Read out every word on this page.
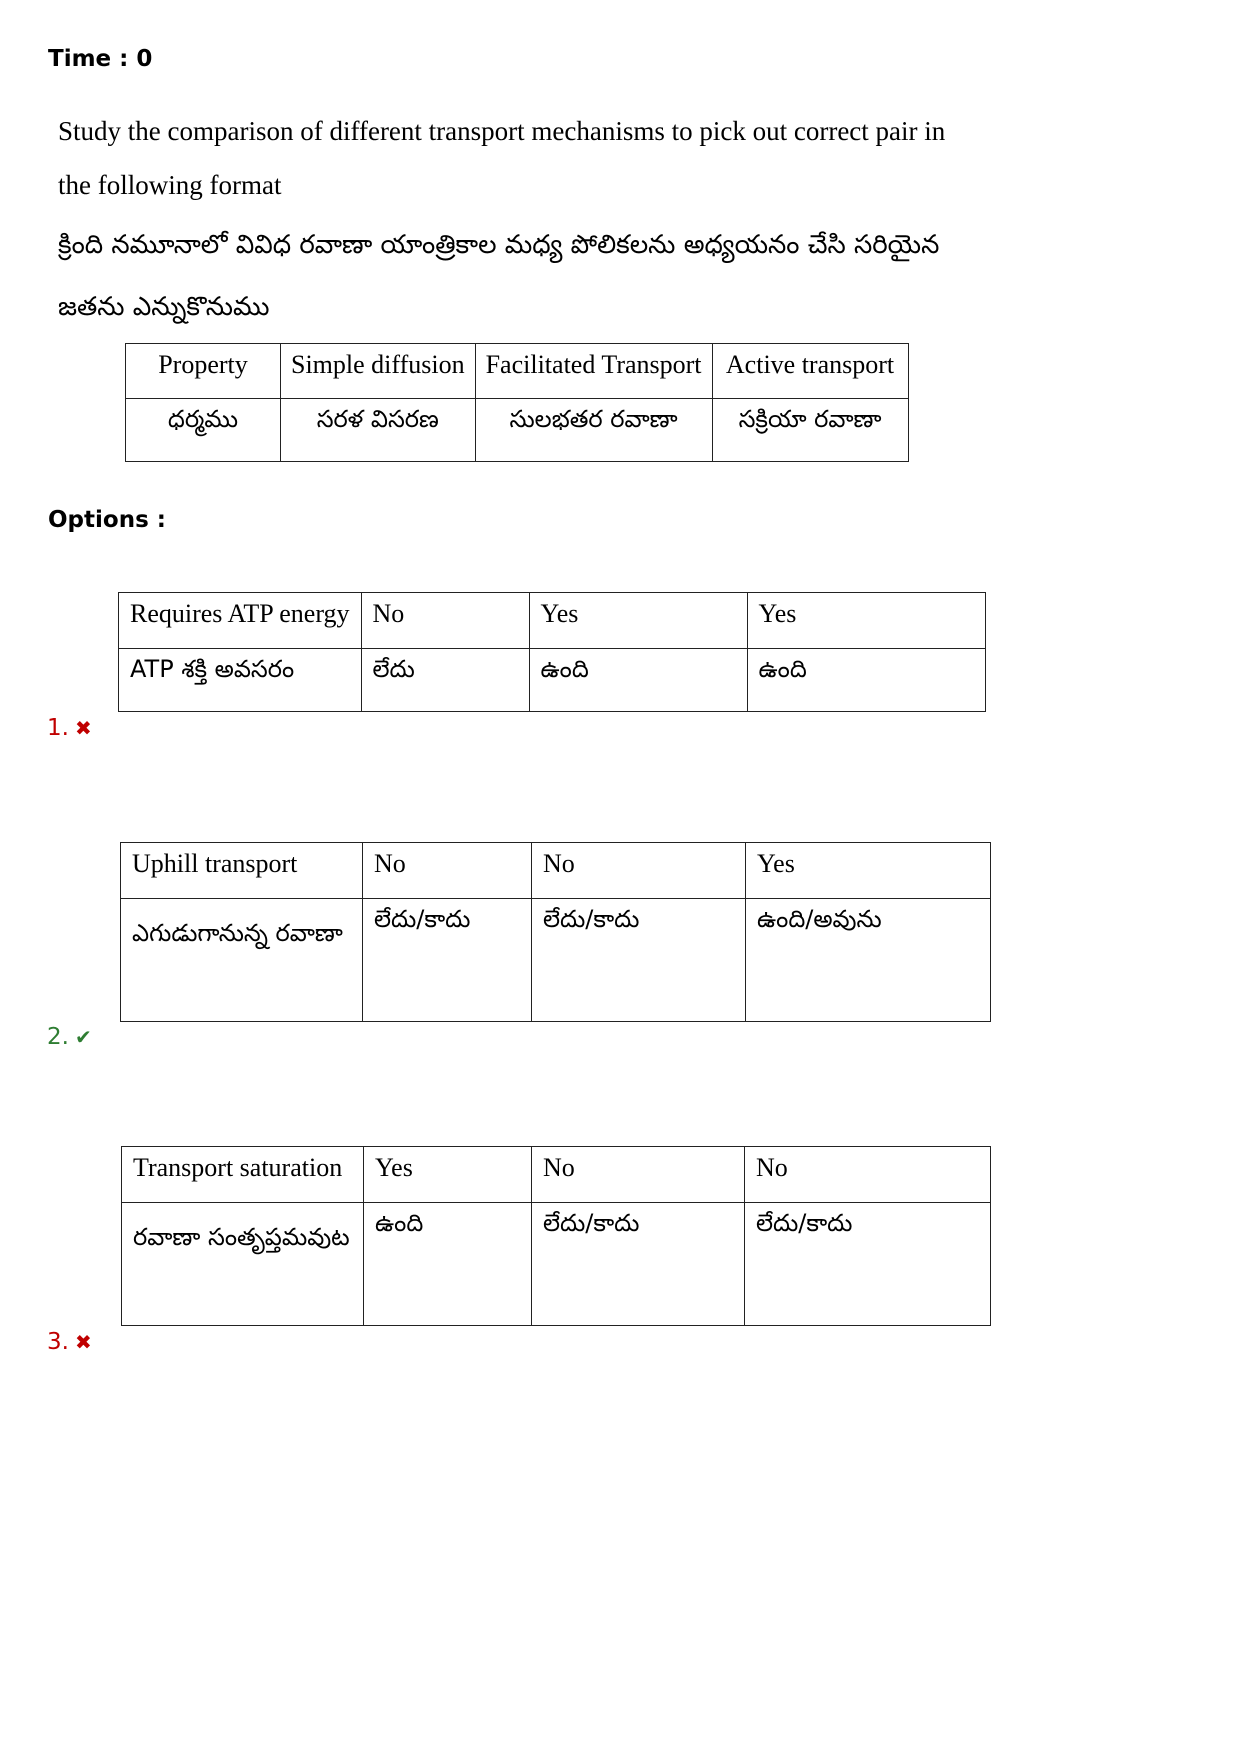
Time : 0
Study the comparison of different transport mechanisms to pick out correct pair in the following format
క్రింది నమూనాలో వివిధ రవాణా యాంత్రికాల మధ్య పోలికలను అధ్యయనం చేసి సరియైన జతను ఎన్నుకొనుము
Property	Simple diffusion	Facilitated Transport	Active transport
ధర్మము	సరళ విసరణ	సులభతర రవాణా	సక్రియా రవాణా
Options :
Requires ATP energy	No	Yes	Yes
ATP శక్తి అవసరం	లేదు	ఉంది	ఉంది
1. ✖
Uphill transport	No	No	Yes
ఎగుడుగానున్న రవాణా	లేదు/కాదు	లేదు/కాదు	ఉంది/అవును
2. ✔
Transport saturation	Yes	No	No
రవాణా సంతృప్తమవుట	ఉంది	లేదు/కాదు	లేదు/కాదు
3. ✖
